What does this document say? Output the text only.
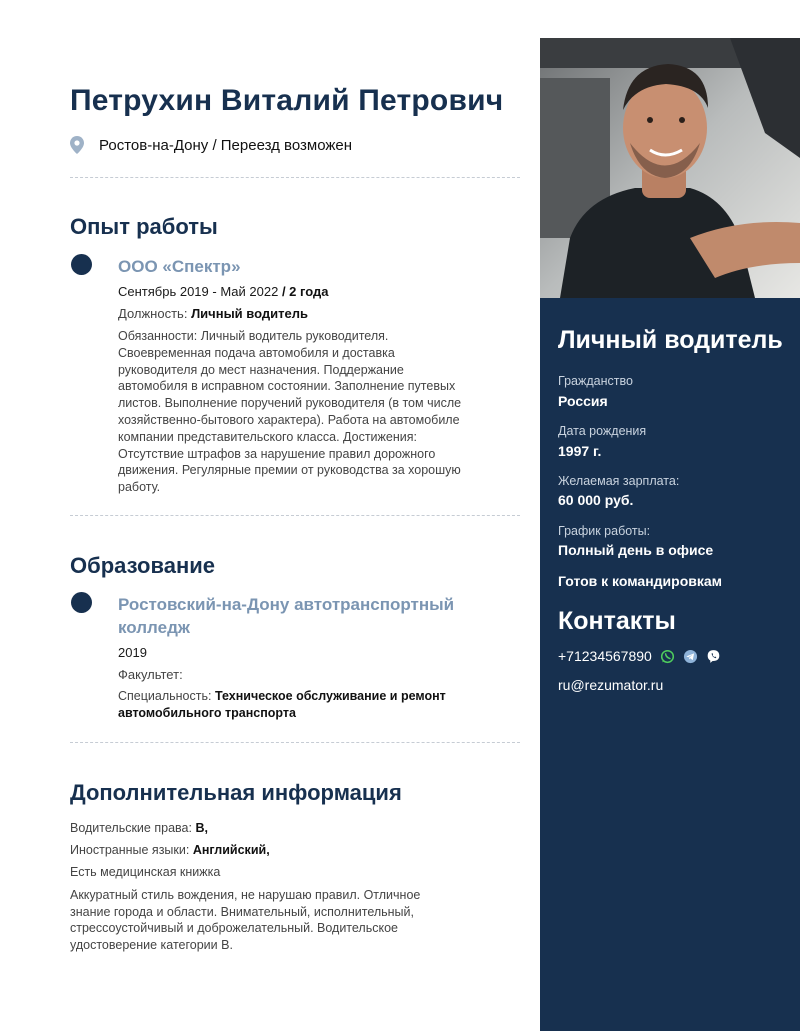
Петрухин Виталий Петрович
Ростов-на-Дону / Переезд возможен
Опыт работы
ООО «Спектр»
Сентябрь 2019 - Май 2022 / 2 года
Должность: Личный водитель
Обязанности: Личный водитель руководителя. Своевременная подача автомобиля и доставка руководителя до мест назначения. Поддержание автомобиля в исправном состоянии. Заполнение путевых листов. Выполнение поручений руководителя (в том числе хозяйственно-бытового характера). Работа на автомобиле компании представительского класса. Достижения: Отсутствие штрафов за нарушение правил дорожного движения. Регулярные премии от руководства за хорошую работу.
Образование
Ростовский-на-Дону автотранспортный колледж
2019
Факультет:
Специальность: Техническое обслуживание и ремонт автомобильного транспорта
Дополнительная информация
Водительские права: B,
Иностранные языки: Английский,
Есть медицинская книжка
Аккуратный стиль вождения, не нарушаю правил. Отличное знание города и области. Внимательный, исполнительный, стрессоустойчивый и доброжелательный. Водительское удостоверение категории B.
Личный водитель
Гражданство
Россия
Дата рождения
1997 г.
Желаемая зарплата:
60 000 руб.
График работы:
Полный день в офисе
Готов к командировкам
Контакты
+71234567890
ru@rezumator.ru
